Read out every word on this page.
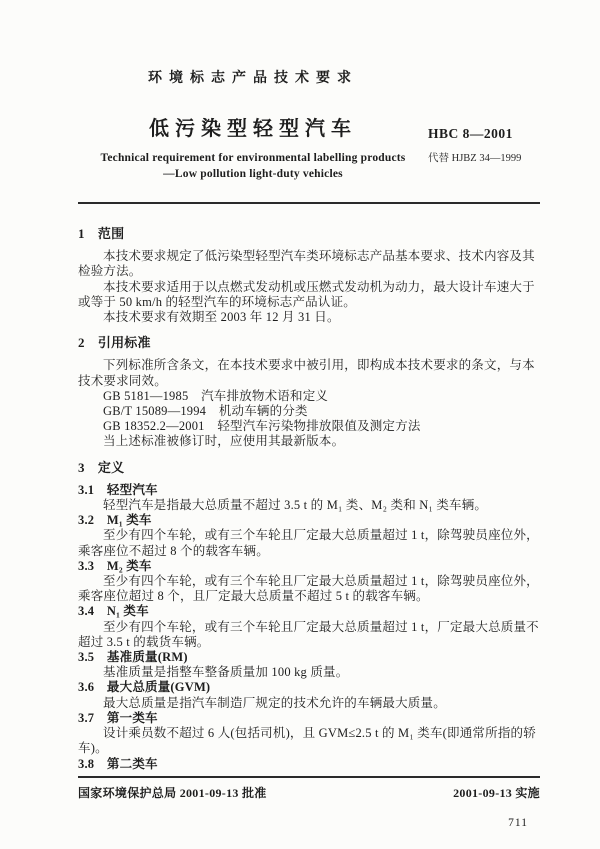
环境标志产品技术要求
低污染型轻型汽车
Technical requirement for environmental labelling products
—Low pollution light-duty vehicles
HBC 8—2001
代替 HJBZ 34—1999

1　范围

本技术要求规定了低污染型轻型汽车类环境标志产品基本要求、技术内容及其检验方法。

本技术要求适用于以点燃式发动机或压燃式发动机为动力，最大设计车速大于或等于 50 km/h 的轻型汽车的环境标志产品认证。

本技术要求有效期至 2003 年 12 月 31 日。

2　引用标准

下列标准所含条文，在本技术要求中被引用，即构成本技术要求的条文，与本技术要求同效。

GB 5181—1985　汽车排放物术语和定义

GB/T 15089—1994　机动车辆的分类

GB 18352.2—2001　轻型汽车污染物排放限值及测定方法

当上述标准被修订时，应使用其最新版本。

3　定义

3.1　轻型汽车

轻型汽车是指最大总质量不超过 3.5 t 的 M₁ 类、M₂ 类和 N₁ 类车辆。

3.2　M₁ 类车

至少有四个车轮，或有三个车轮且厂定最大总质量超过 1 t，除驾驶员座位外，乘客座位不超过 8 个的载客车辆。

3.3　M₂ 类车

至少有四个车轮，或有三个车轮且厂定最大总质量超过 1 t，除驾驶员座位外，乘客座位超过 8 个，且厂定最大总质量不超过 5 t 的载客车辆。

3.4　N₁ 类车

至少有四个车轮，或有三个车轮且厂定最大总质量超过 1 t，厂定最大总质量不超过 3.5 t 的载货车辆。

3.5　基准质量(RM)

基准质量是指整车整备质量加 100 kg 质量。

3.6　最大总质量(GVM)

最大总质量是指汽车制造厂规定的技术允许的车辆最大质量。

3.7　第一类车

设计乘员数不超过 6 人(包括司机)，且 GVM≤2.5 t 的 M₁ 类车(即通常所指的轿车)。

3.8　第二类车

国家环境保护总局 2001-09-13 批准	2001-09-13 实施
711
